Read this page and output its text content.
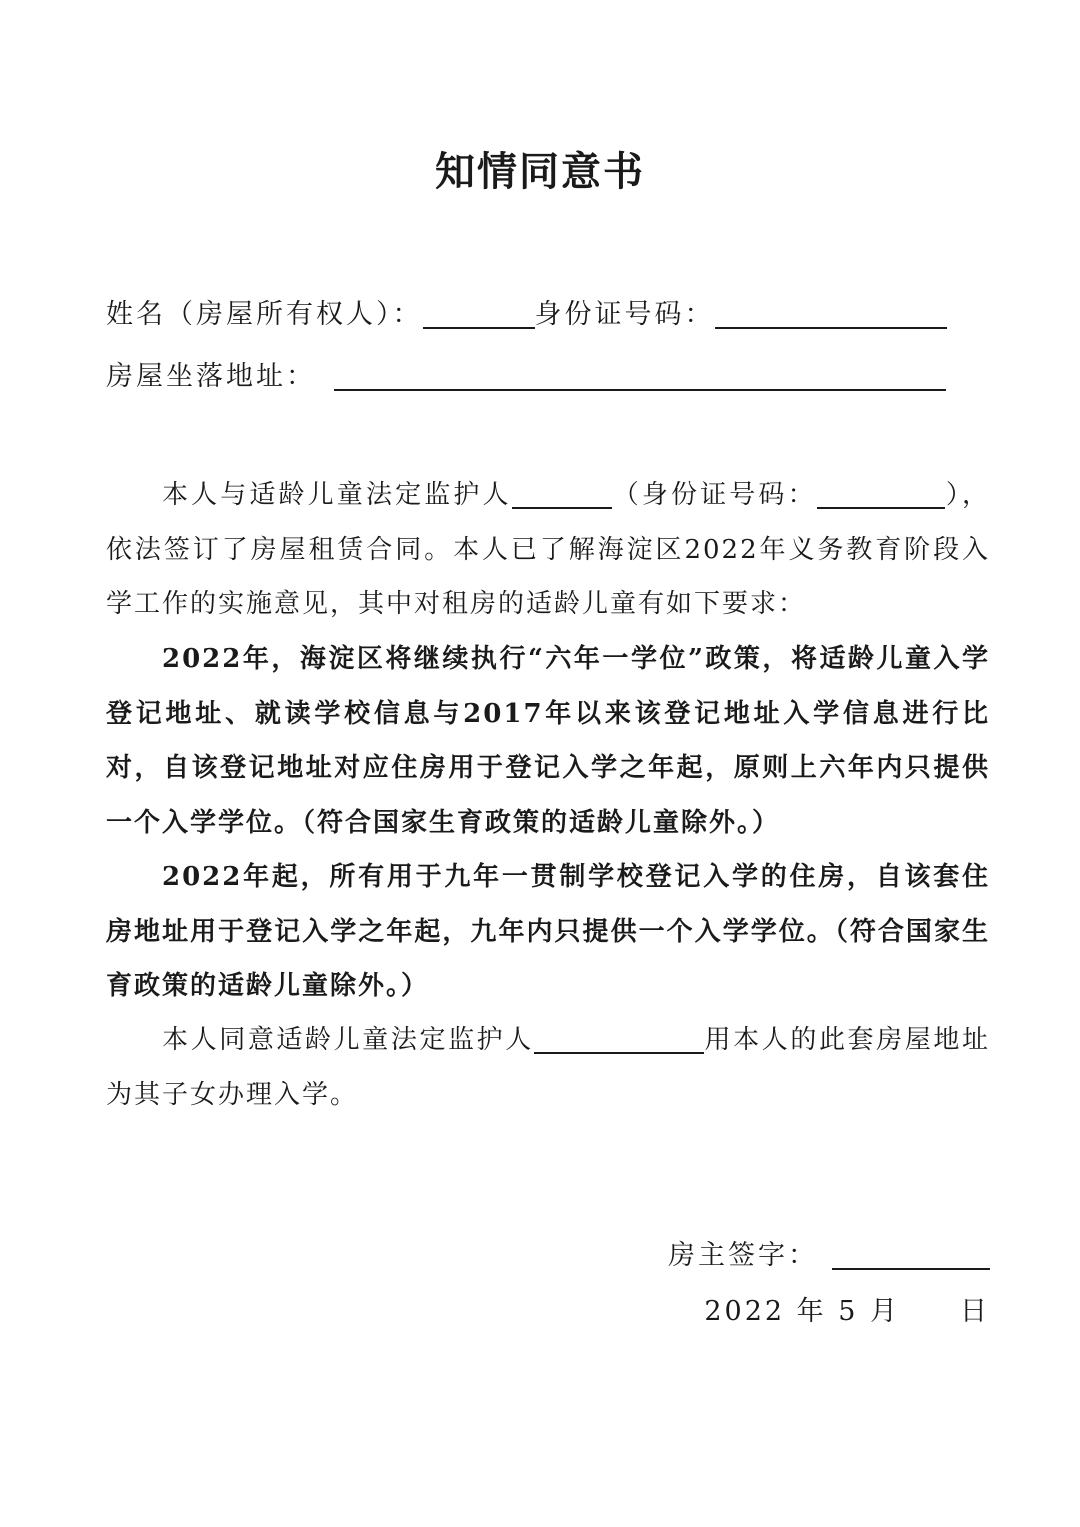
知情同意书
姓名（房屋所有权人）：	身份证号码：
房屋坐落地址：
本人与适龄儿童法定监护人	（身份证号码：	），依法签订了房屋租赁合同。本人已了解海淀区2022年义务教育阶段入学工作的实施意见，其中对租房的适龄儿童有如下要求：
2022年，海淀区将继续执行“六年一学位”政策，将适龄儿童入学登记地址、就读学校信息与2017年以来该登记地址入学信息进行比对，自该登记地址对应住房用于登记入学之年起，原则上六年内只提供一个入学学位。（符合国家生育政策的适龄儿童除外。）
2022年起，所有用于九年一贯制学校登记入学的住房，自该套住房地址用于登记入学之年起，九年内只提供一个入学学位。（符合国家生育政策的适龄儿童除外。）
本人同意适龄儿童法定监护人	用本人的此套房屋地址为其子女办理入学。
房主签字：
2022 年 5 月　　日
